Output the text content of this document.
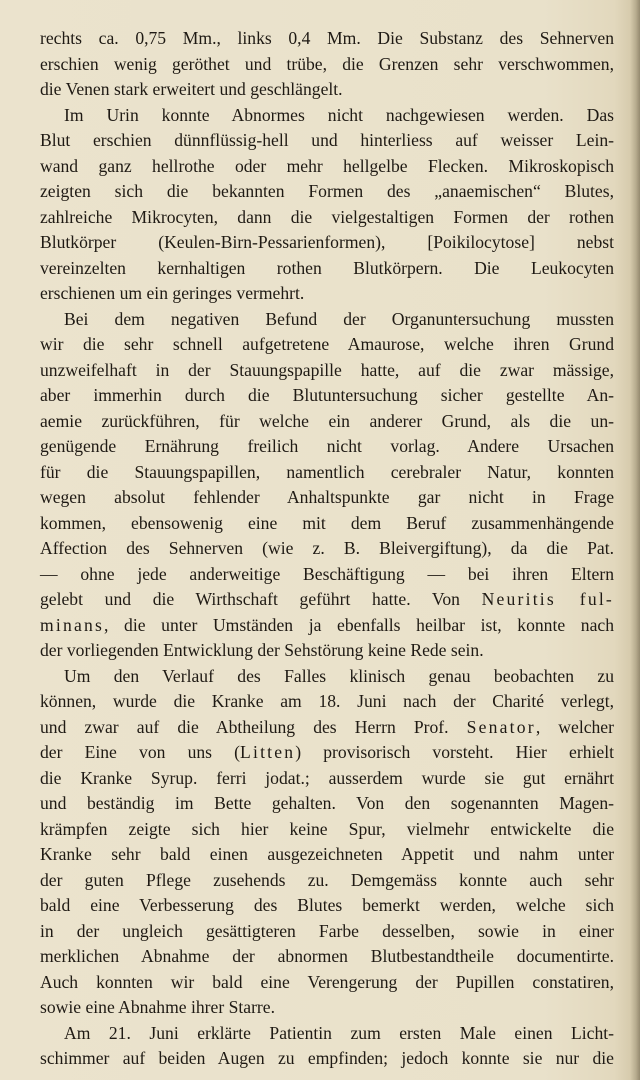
rechts ca. 0,75 Mm., links 0,4 Mm. Die Substanz des Sehnerven
erschien wenig geröthet und trübe, die Grenzen sehr verschwommen,
die Venen stark erweitert und geschlängelt.
Im Urin konnte Abnormes nicht nachgewiesen werden. Das
Blut erschien dünnflüssig-hell und hinterliess auf weisser Lein-
wand ganz hellrothe oder mehr hellgelbe Flecken. Mikroskopisch
zeigten sich die bekannten Formen des „anaemischen“ Blutes,
zahlreiche Mikrocyten, dann die vielgestaltigen Formen der rothen
Blutkörper (Keulen-Birn-Pessarienformen), [Poikilocytose] nebst
vereinzelten kernhaltigen rothen Blutkörpern. Die Leukocyten
erschienen um ein geringes vermehrt.
Bei dem negativen Befund der Organuntersuchung mussten
wir die sehr schnell aufgetretene Amaurose, welche ihren Grund
unzweifelhaft in der Stauungspapille hatte, auf die zwar mässige,
aber immerhin durch die Blutuntersuchung sicher gestellte An-
aemie zurückführen, für welche ein anderer Grund, als die un-
genügende Ernährung freilich nicht vorlag. Andere Ursachen
für die Stauungspapillen, namentlich cerebraler Natur, konnten
wegen absolut fehlender Anhaltspunkte gar nicht in Frage
kommen, ebensowenig eine mit dem Beruf zusammenhängende
Affection des Sehnerven (wie z. B. Bleivergiftung), da die Pat.
— ohne jede anderweitige Beschäftigung — bei ihren Eltern
gelebt und die Wirthschaft geführt hatte. Von Neuritis ful-
minans, die unter Umständen ja ebenfalls heilbar ist, konnte nach
der vorliegenden Entwicklung der Sehstörung keine Rede sein.
Um den Verlauf des Falles klinisch genau beobachten zu
können, wurde die Kranke am 18. Juni nach der Charité verlegt,
und zwar auf die Abtheilung des Herrn Prof. Senator, welcher
der Eine von uns (Litten) provisorisch vorsteht. Hier erhielt
die Kranke Syrup. ferri jodat.; ausserdem wurde sie gut ernährt
und beständig im Bette gehalten. Von den sogenannten Magen-
krämpfen zeigte sich hier keine Spur, vielmehr entwickelte die
Kranke sehr bald einen ausgezeichneten Appetit und nahm unter
der guten Pflege zusehends zu. Demgemäss konnte auch sehr
bald eine Verbesserung des Blutes bemerkt werden, welche sich
in der ungleich gesättigteren Farbe desselben, sowie in einer
merklichen Abnahme der abnormen Blutbestandtheile documentirte.
Auch konnten wir bald eine Verengerung der Pupillen constatiren,
sowie eine Abnahme ihrer Starre.
Am 21. Juni erklärte Patientin zum ersten Male einen Licht-
schimmer auf beiden Augen zu empfinden; jedoch konnte sie nur die
